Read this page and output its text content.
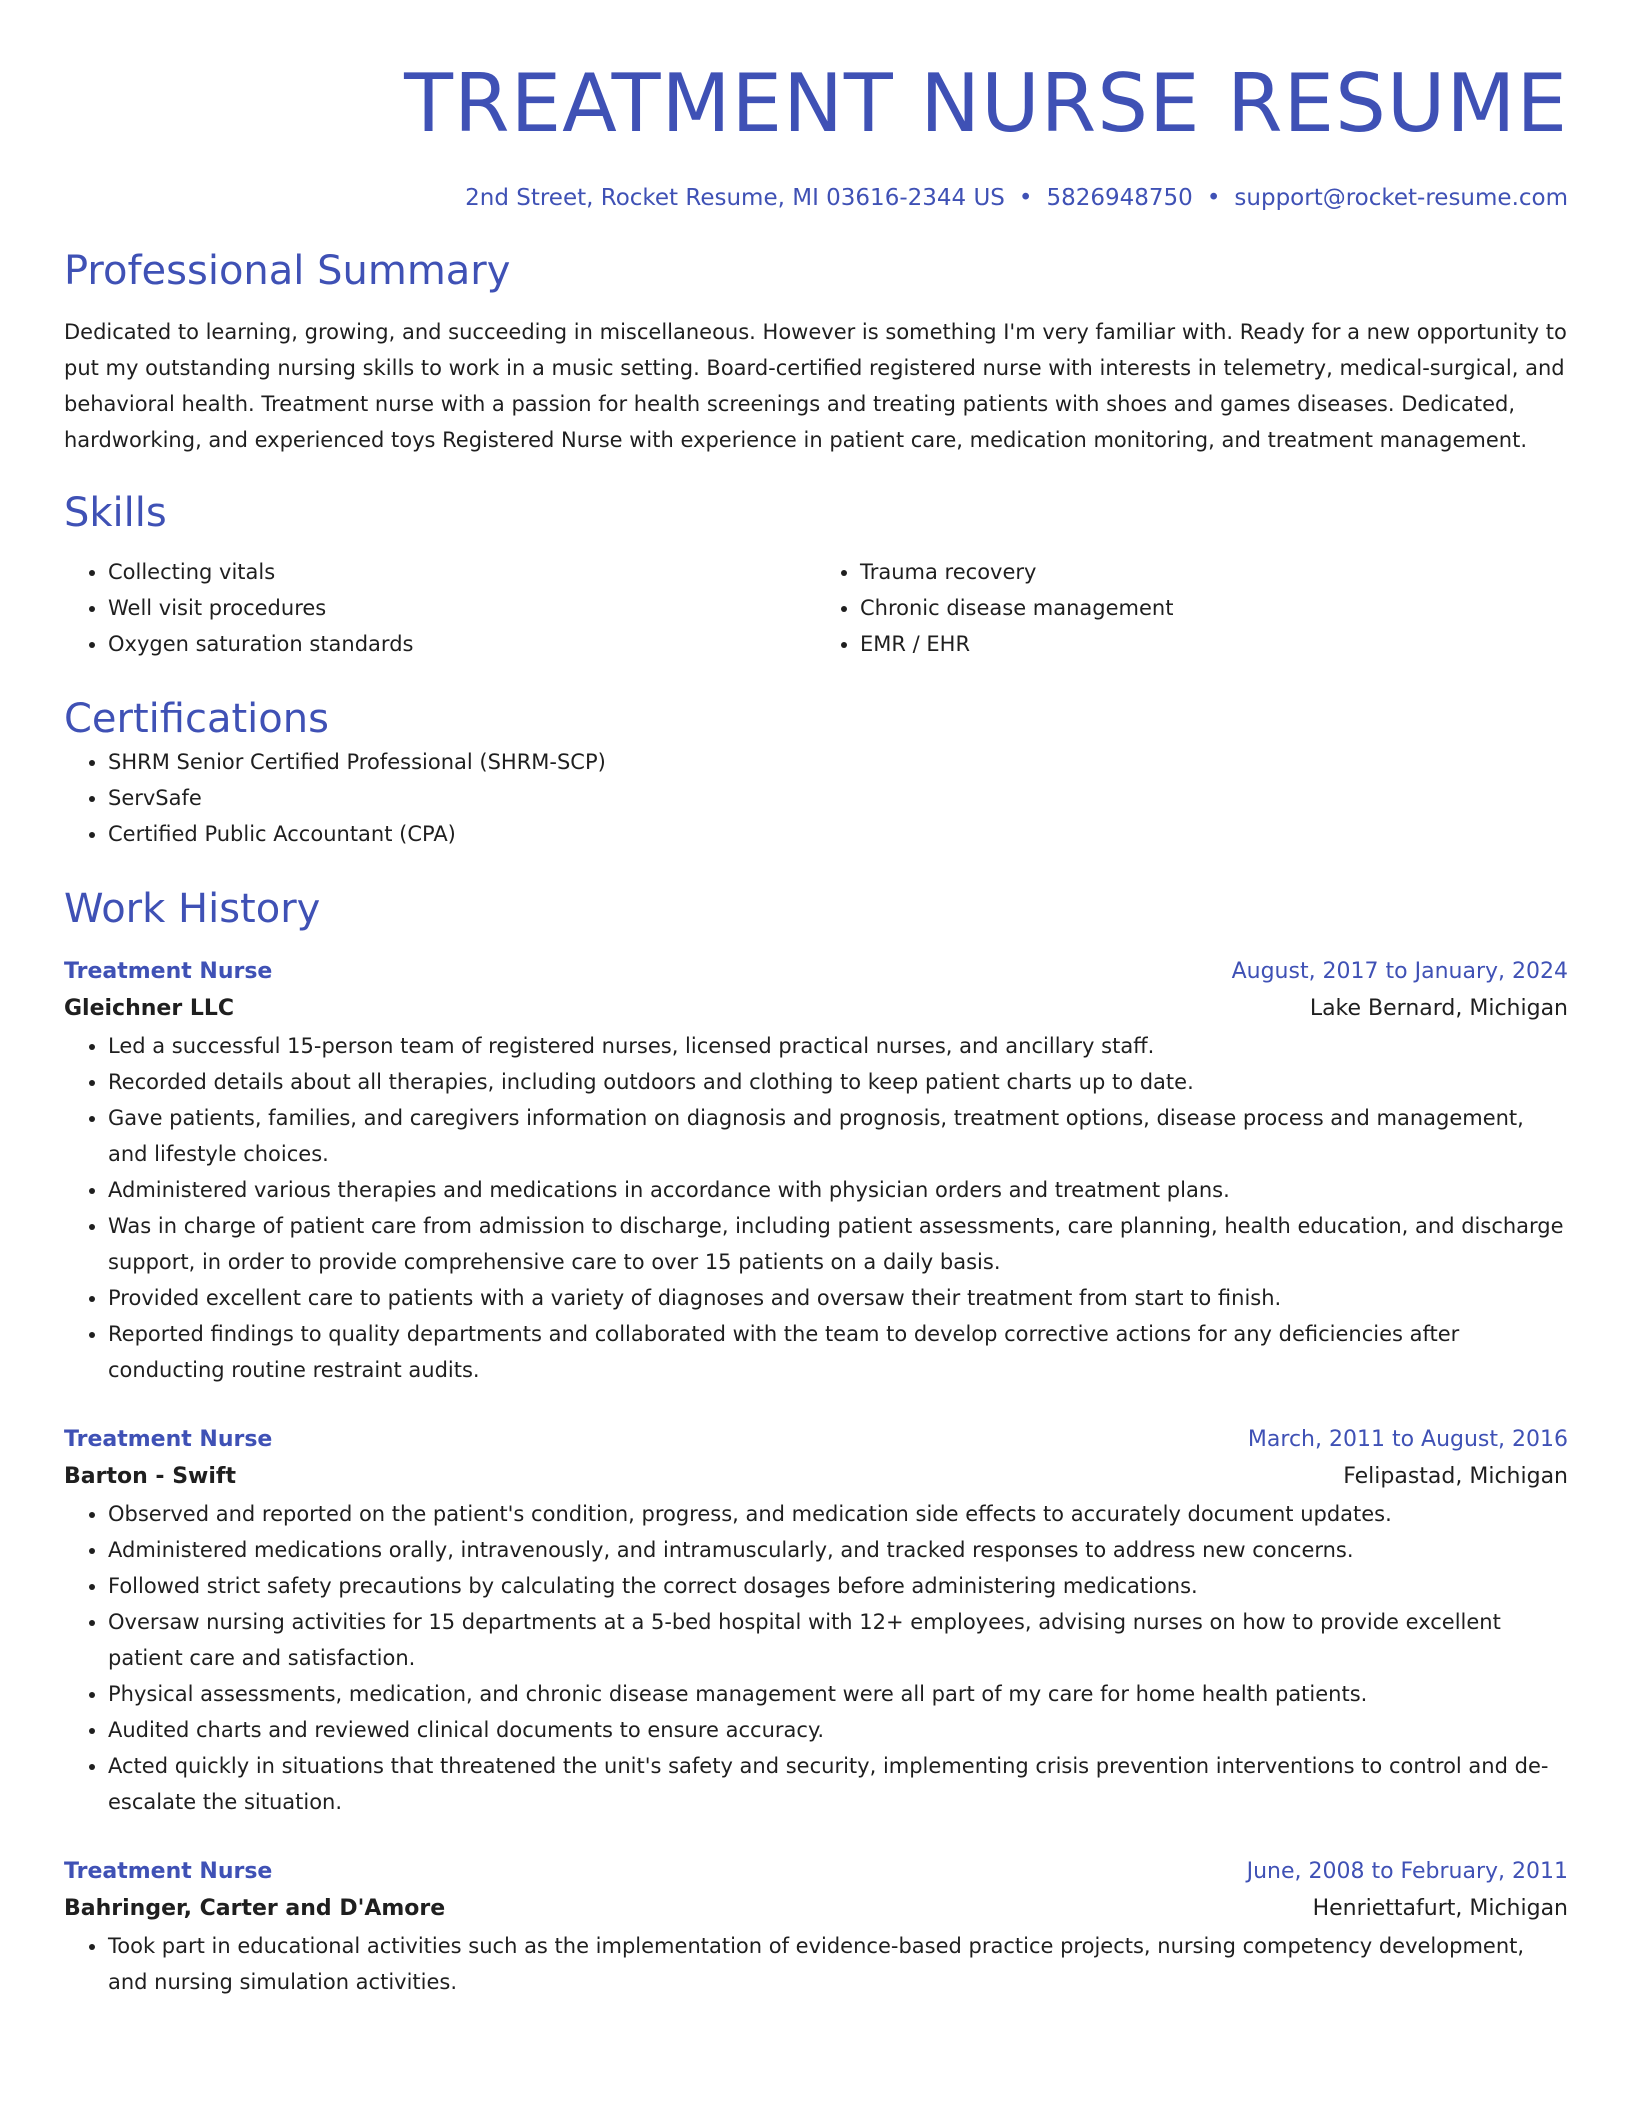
TREATMENT NURSE RESUME
2nd Street, Rocket Resume, MI 03616-2344 US • 5826948750 • support@rocket-resume.com
Professional Summary

Dedicated to learning, growing, and succeeding in miscellaneous. However is something I'm very familiar with. Ready for a new opportunity to put my outstanding nursing skills to work in a music setting. Board-certified registered nurse with interests in telemetry, medical-surgical, and behavioral health. Treatment nurse with a passion for health screenings and treating patients with shoes and games diseases. Dedicated, hardworking, and experienced toys Registered Nurse with experience in patient care, medication monitoring, and treatment management.

Skills
• Collecting vitals
• Well visit procedures
• Oxygen saturation standards
• Trauma recovery
• Chronic disease management
• EMR / EHR
Certifications
• SHRM Senior Certified Professional (SHRM-SCP)
• ServSafe
• Certified Public Accountant (CPA)
Work History
Treatment Nurse	August, 2017 to January, 2024
Gleichner LLC	Lake Bernard, Michigan
• Led a successful 15-person team of registered nurses, licensed practical nurses, and ancillary staff.
• Recorded details about all therapies, including outdoors and clothing to keep patient charts up to date.
• Gave patients, families, and caregivers information on diagnosis and prognosis, treatment options, disease process and management, and lifestyle choices.
• Administered various therapies and medications in accordance with physician orders and treatment plans.
• Was in charge of patient care from admission to discharge, including patient assessments, care planning, health education, and discharge support, in order to provide comprehensive care to over 15 patients on a daily basis.
• Provided excellent care to patients with a variety of diagnoses and oversaw their treatment from start to finish.
• Reported findings to quality departments and collaborated with the team to develop corrective actions for any deficiencies after conducting routine restraint audits.
Treatment Nurse	March, 2011 to August, 2016
Barton - Swift	Felipastad, Michigan
• Observed and reported on the patient's condition, progress, and medication side effects to accurately document updates.
• Administered medications orally, intravenously, and intramuscularly, and tracked responses to address new concerns.
• Followed strict safety precautions by calculating the correct dosages before administering medications.
• Oversaw nursing activities for 15 departments at a 5-bed hospital with 12+ employees, advising nurses on how to provide excellent patient care and satisfaction.
• Physical assessments, medication, and chronic disease management were all part of my care for home health patients.
• Audited charts and reviewed clinical documents to ensure accuracy.
• Acted quickly in situations that threatened the unit's safety and security, implementing crisis prevention interventions to control and de-escalate the situation.
Treatment Nurse	June, 2008 to February, 2011
Bahringer, Carter and D'Amore	Henriettafurt, Michigan
• Took part in educational activities such as the implementation of evidence-based practice projects, nursing competency development, and nursing simulation activities.
